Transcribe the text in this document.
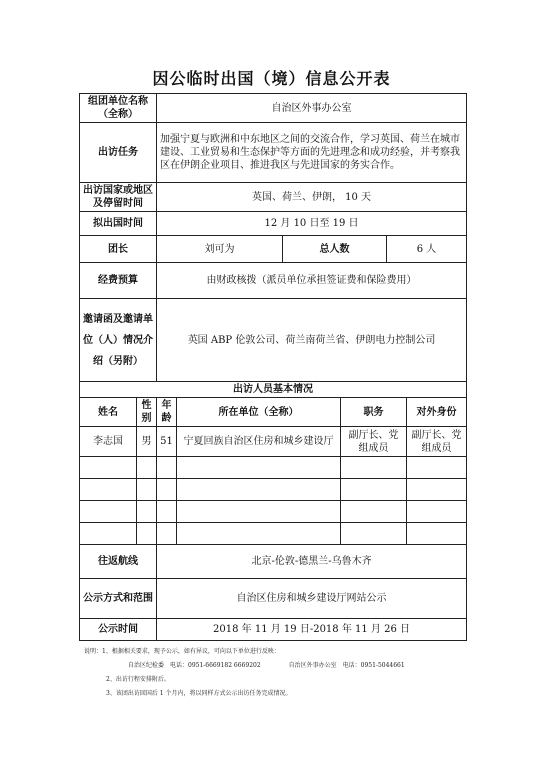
因公临时出国（境）信息公开表
组团单位名称（全称）		自治区外事办公室					
出访任务		加强宁夏与欧洲和中东地区之间的交流合作，学习英国、荷兰在城市建设、工业贸易和生态保护等方面的先进理念和成功经验，并考察我区在伊朗企业项目、推进我区与先进国家的务实合作。					
出访国家或地区及停留时间		英国、荷兰、伊朗， 10 天					
拟出国时间		12 月 10 日至 19 日					
团长		刘可为		总人数		6 人	
经费预算		由财政核拨（派员单位承担签证费和保险费用）					
邀请函及邀请单位（人）情况介绍（另附）		英国 ABP 伦敦公司、荷兰南荷兰省、伊朗电力控制公司					
出访人员基本情况							
姓名	性别	年龄	所在单位（全称）		职务		对外身份
李志国	男	51	宁夏回族自治区住房和城乡建设厅		副厅长、党组成员		副厅长、党组成员

往返航线		北京-伦敦-德黑兰-乌鲁木齐					
公示方式和范围		自治区住房和城乡建设厅网站公示					
公示时间		2018 年 11 月 19 日-2018 年 11 月 26 日					
说明：1、根据相关要求，现予公示，如有异议，可向以下单位进行反映：
自治区纪检委　电话：0951-6669182 6669202	自治区外事办公室　电话：0951-5044661
2、出访行程安排附后。
3、该团出访回国后 1 个月内，将以同样方式公示出访任务完成情况。
